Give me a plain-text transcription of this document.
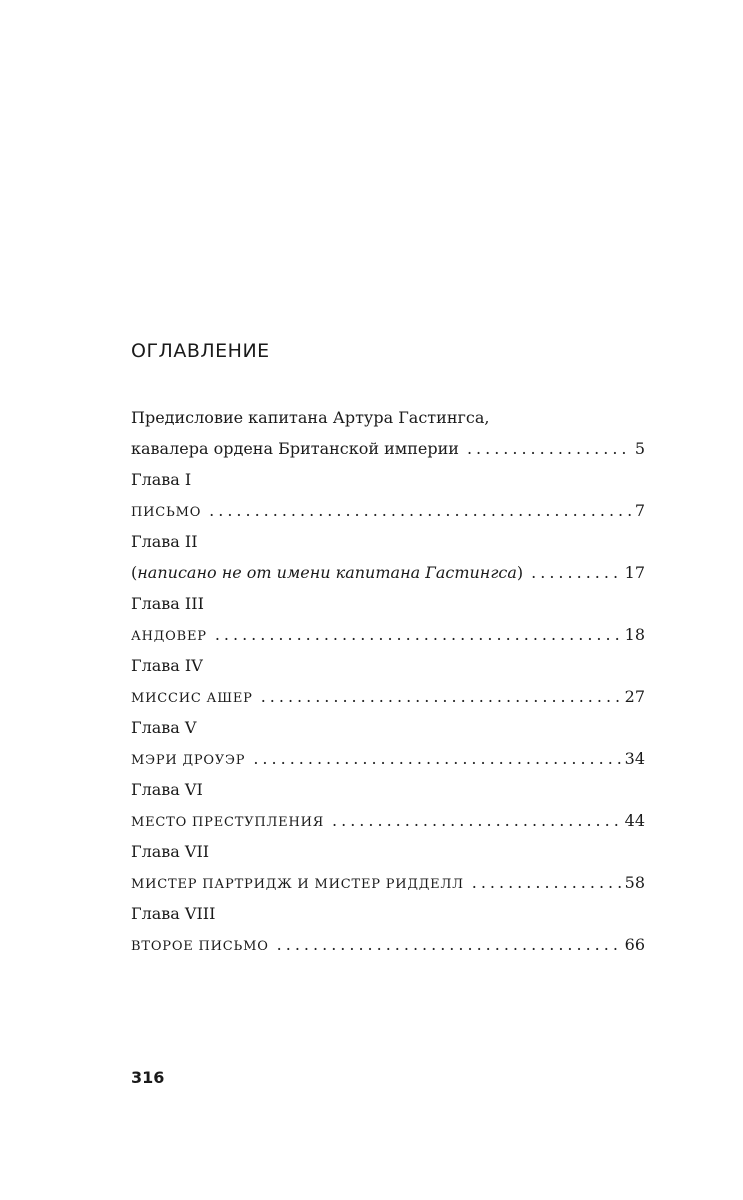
ОГЛАВЛЕНИЕ
Предисловие капитана Артура Гастингса,
кавалера ордена Британской империи .....	5
Глава I
ПИСЬМО .....	7
Глава II
( написано не от имени капитана Гастингса ) .....	17
Глава III
АНДОВЕР .....	18
Глава IV
МИССИС АШЕР .....	27
Глава V
МЭРИ ДРОУЭР .....	34
Глава VI
МЕСТО ПРЕСТУПЛЕНИЯ .....	44
Глава VII
МИСТЕР ПАРТРИДЖ И МИСТЕР РИДДЕЛЛ .....	58
Глава VIII
ВТОРОЕ ПИСЬМО .....	66

316
